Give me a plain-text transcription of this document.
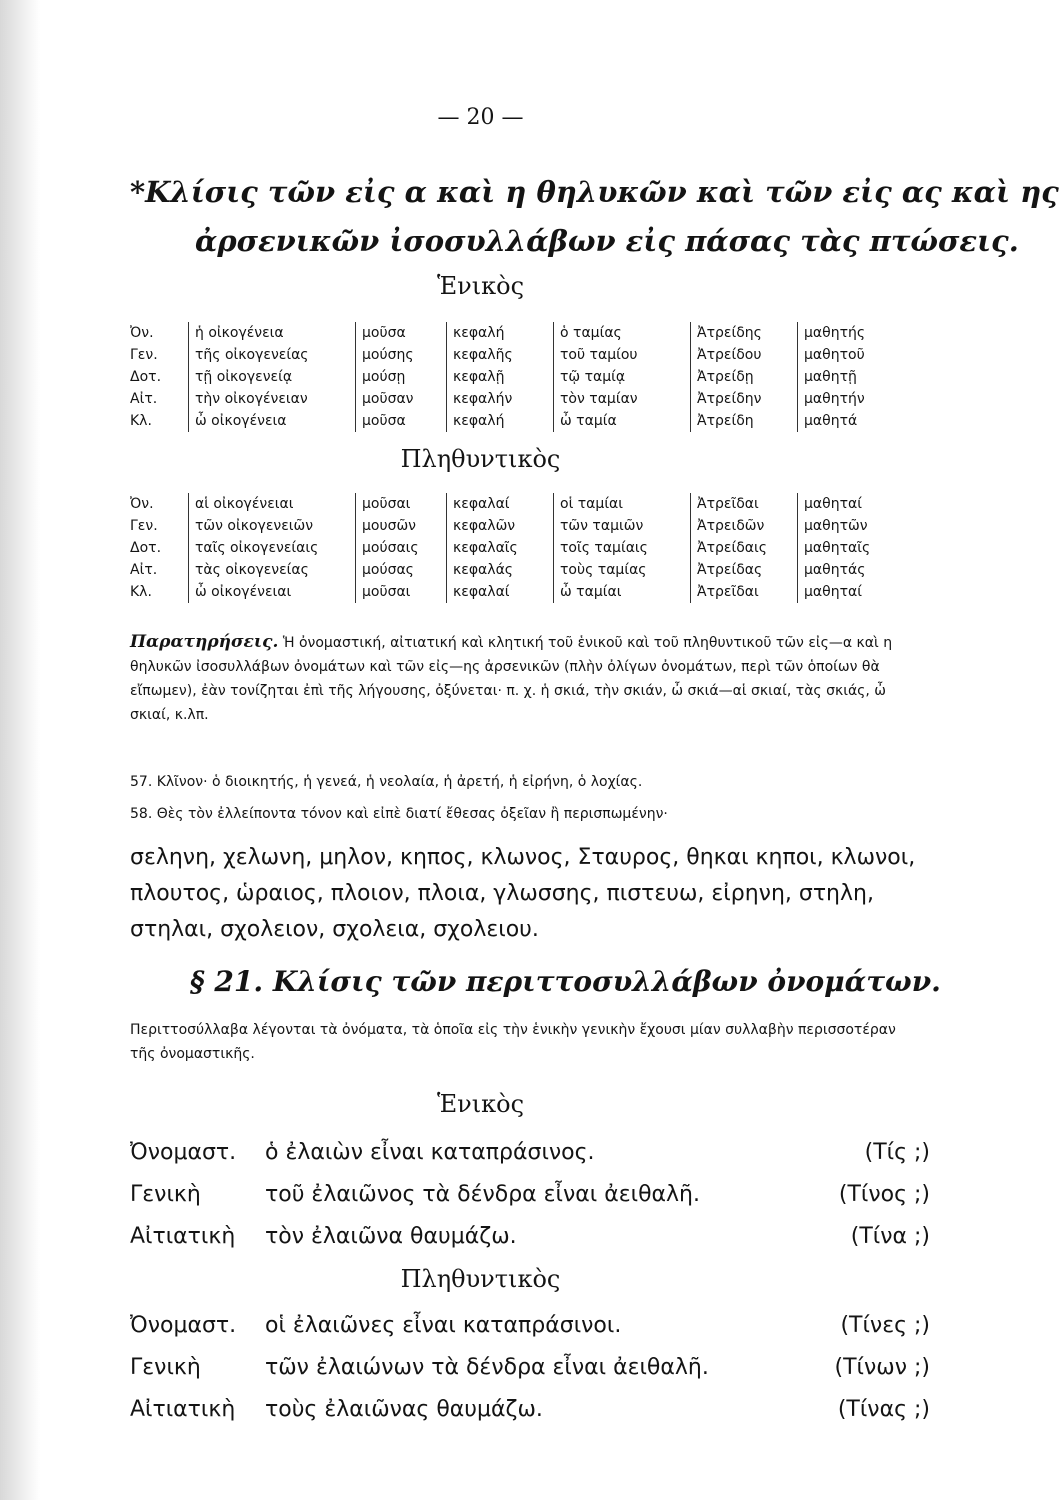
— 20 —
*Κλίσις τῶν εἰς α καὶ η θηλυκῶν καὶ τῶν εἰς ας καὶ ης
ἀρσενικῶν ἰσοσυλλάβων εἰς πάσας τὰς πτώσεις.
Ἑνικὸς
Ὀν.	ἡ οἰκογένεια	μοῦσα	κεφαλή	ὁ ταμίας	Ἀτρείδης	μαθητής
Γεν.	τῆς οἰκογενείας	μούσης	κεφαλῆς	τοῦ ταμίου	Ἀτρείδου	μαθητοῦ
Δοτ.	τῇ οἰκογενείᾳ	μούσῃ	κεφαλῇ	τῷ ταμίᾳ	Ἀτρείδῃ	μαθητῇ
Αἰτ.	τὴν οἰκογένειαν	μοῦσαν	κεφαλήν	τὸν ταμίαν	Ἀτρείδην	μαθητήν
Κλ.	ὦ οἰκογένεια	μοῦσα	κεφαλή	ὦ ταμία	Ἀτρείδη	μαθητά
Πληθυντικὸς
Ὀν.	αἱ οἰκογένειαι	μοῦσαι	κεφαλαί	οἱ ταμίαι	Ἀτρεῖδαι	μαθηταί
Γεν.	τῶν οἰκογενειῶν	μουσῶν	κεφαλῶν	τῶν ταμιῶν	Ἀτρειδῶν	μαθητῶν
Δοτ.	ταῖς οἰκογενείαις	μούσαις	κεφαλαῖς	τοῖς ταμίαις	Ἀτρείδαις	μαθηταῖς
Αἰτ.	τὰς οἰκογενείας	μούσας	κεφαλάς	τοὺς ταμίας	Ἀτρείδας	μαθητάς
Κλ.	ὦ οἰκογένειαι	μοῦσαι	κεφαλαί	ὦ ταμίαι	Ἀτρεῖδαι	μαθηταί
Παρατηρήσεις. Ἡ ὀνομαστική, αἰτιατική καὶ κλητική τοῦ ἑνικοῦ καὶ τοῦ πληθυντικοῦ τῶν εἰς—α καὶ η θηλυκῶν ἰσοσυλλάβων ὀνομάτων καὶ τῶν εἰς—ης ἀρσενικῶν (πλὴν ὀλίγων ὀνομάτων, περὶ τῶν ὁποίων θὰ εἴπωμεν), ἐὰν τονίζηται ἐπὶ τῆς λήγουσης, ὀξύνεται· π. χ. ἡ σκιά, τὴν σκιάν, ὦ σκιά—αἱ σκιαί, τὰς σκιάς, ὦ σκιαί, κ.λπ.
57. Κλῖνον· ὁ διοικητής, ἡ γενεά, ἡ νεολαία, ἡ ἀρετή, ἡ εἰρήνη, ὁ λοχίας.
58. Θὲς τὸν ἐλλείποντα τόνον καὶ εἰπὲ διατί ἔθεσας ὀξεῖαν ἢ περισπωμένην·
σεληνη, χελωνη, μηλον, κηπος, κλωνος, Σταυρος, θηκαι κηποι, κλωνοι, πλουτος, ὡραιος, πλοιον, πλοια, γλωσσης, πιστευω, εἰρηνη, στηλη, στηλαι, σχολειον, σχολεια, σχολειου.
§ 21. Κλίσις τῶν περιττοσυλλάβων ὀνομάτων.
Περιττοσύλλαβα λέγονται τὰ ὀνόματα, τὰ ὁποῖα εἰς τὴν ἑνικὴν γενικὴν ἔχουσι μίαν συλλαβὴν περισσοτέραν τῆς ὀνομαστικῆς.
Ἑνικὸς
Ὀνομαστ. ὁ ἐλαιὼν εἶναι καταπράσινος.	(Τίς ;)
Γενικὴ	τοῦ ἐλαιῶνος τὰ δένδρα εἶναι ἀειθαλῆ.	(Τίνος ;)
Αἰτιατικὴ τὸν ἐλαιῶνα θαυμάζω.	(Τίνα ;)
Πληθυντικὸς
Ὀνομαστ. οἱ ἐλαιῶνες εἶναι καταπράσινοι.	(Τίνες ;)
Γενικὴ	τῶν ἐλαιώνων τὰ δένδρα εἶναι ἀειθαλῆ.	(Τίνων ;)
Αἰτιατικὴ τοὺς ἐλαιῶνας θαυμάζω.	(Τίνας ;)
